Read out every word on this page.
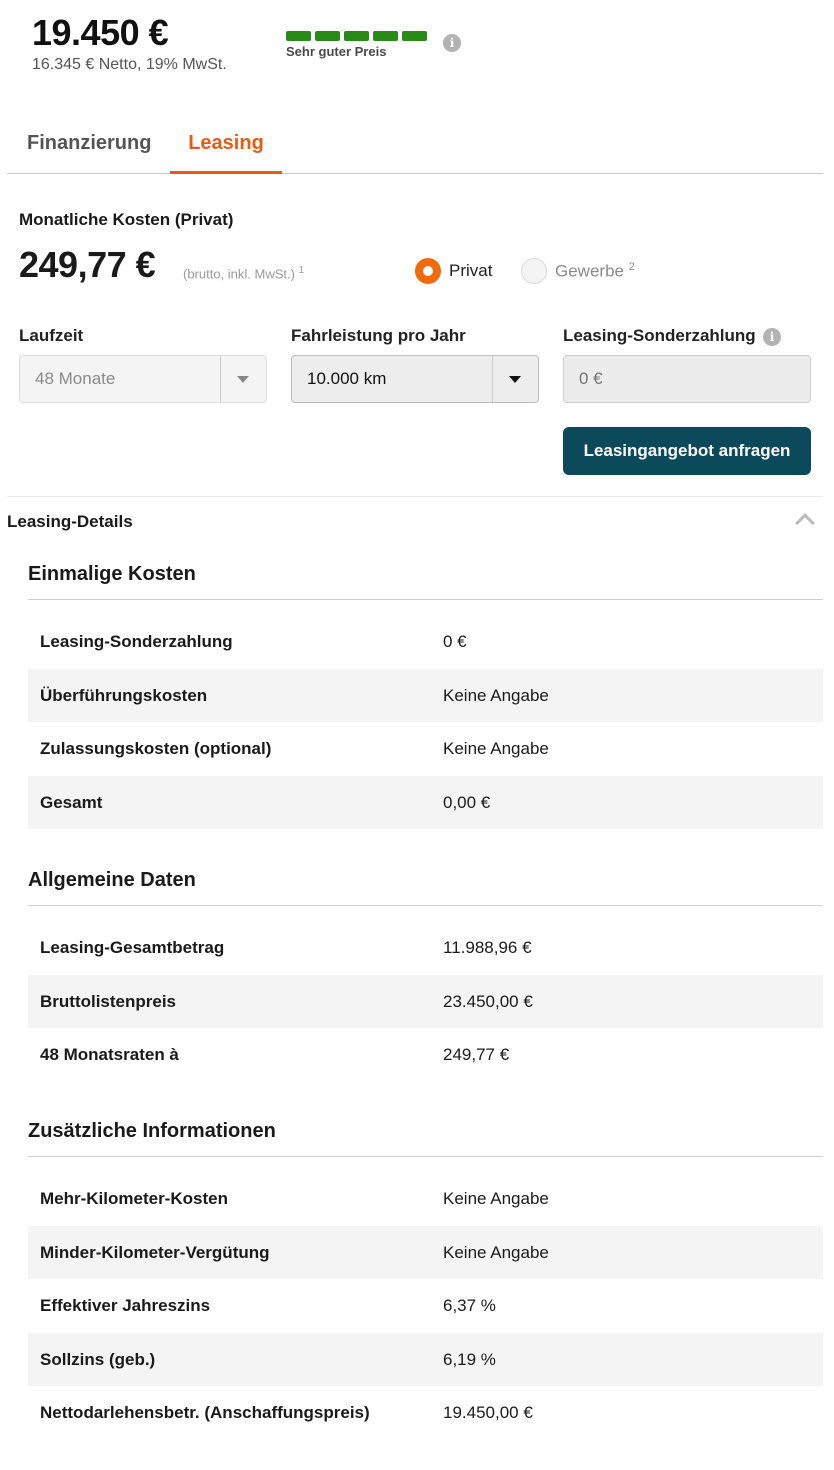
19.450 €
16.345 € Netto, 19% MwSt.
Sehr guter Preis
i
Finanzierung	Leasing
Monatliche Kosten (Privat)
249,77 € (brutto, inkl. MwSt.) $^1$	Privat	Gewerbe $^2$
Laufzeit
48 Monate
Fahrleistung pro Jahr
10.000 km
Leasing-Sonderzahlung	i
0 €
Leasingangebot anfragen
Leasing-Details
Einmalige Kosten
Leasing-Sonderzahlung	0 €
Überführungskosten	Keine Angabe
Zulassungskosten (optional)	Keine Angabe
Gesamt	0,00 €
Allgemeine Daten
Leasing-Gesamtbetrag	11.988,96 €
Bruttolistenpreis	23.450,00 €
48 Monatsraten à	249,77 €
Zusätzliche Informationen
Mehr-Kilometer-Kosten	Keine Angabe
Minder-Kilometer-Vergütung	Keine Angabe
Effektiver Jahreszins	6,37 %
Sollzins (geb.)	6,19 %
Nettodarlehensbetr. (Anschaffungspreis)	19.450,00 €
